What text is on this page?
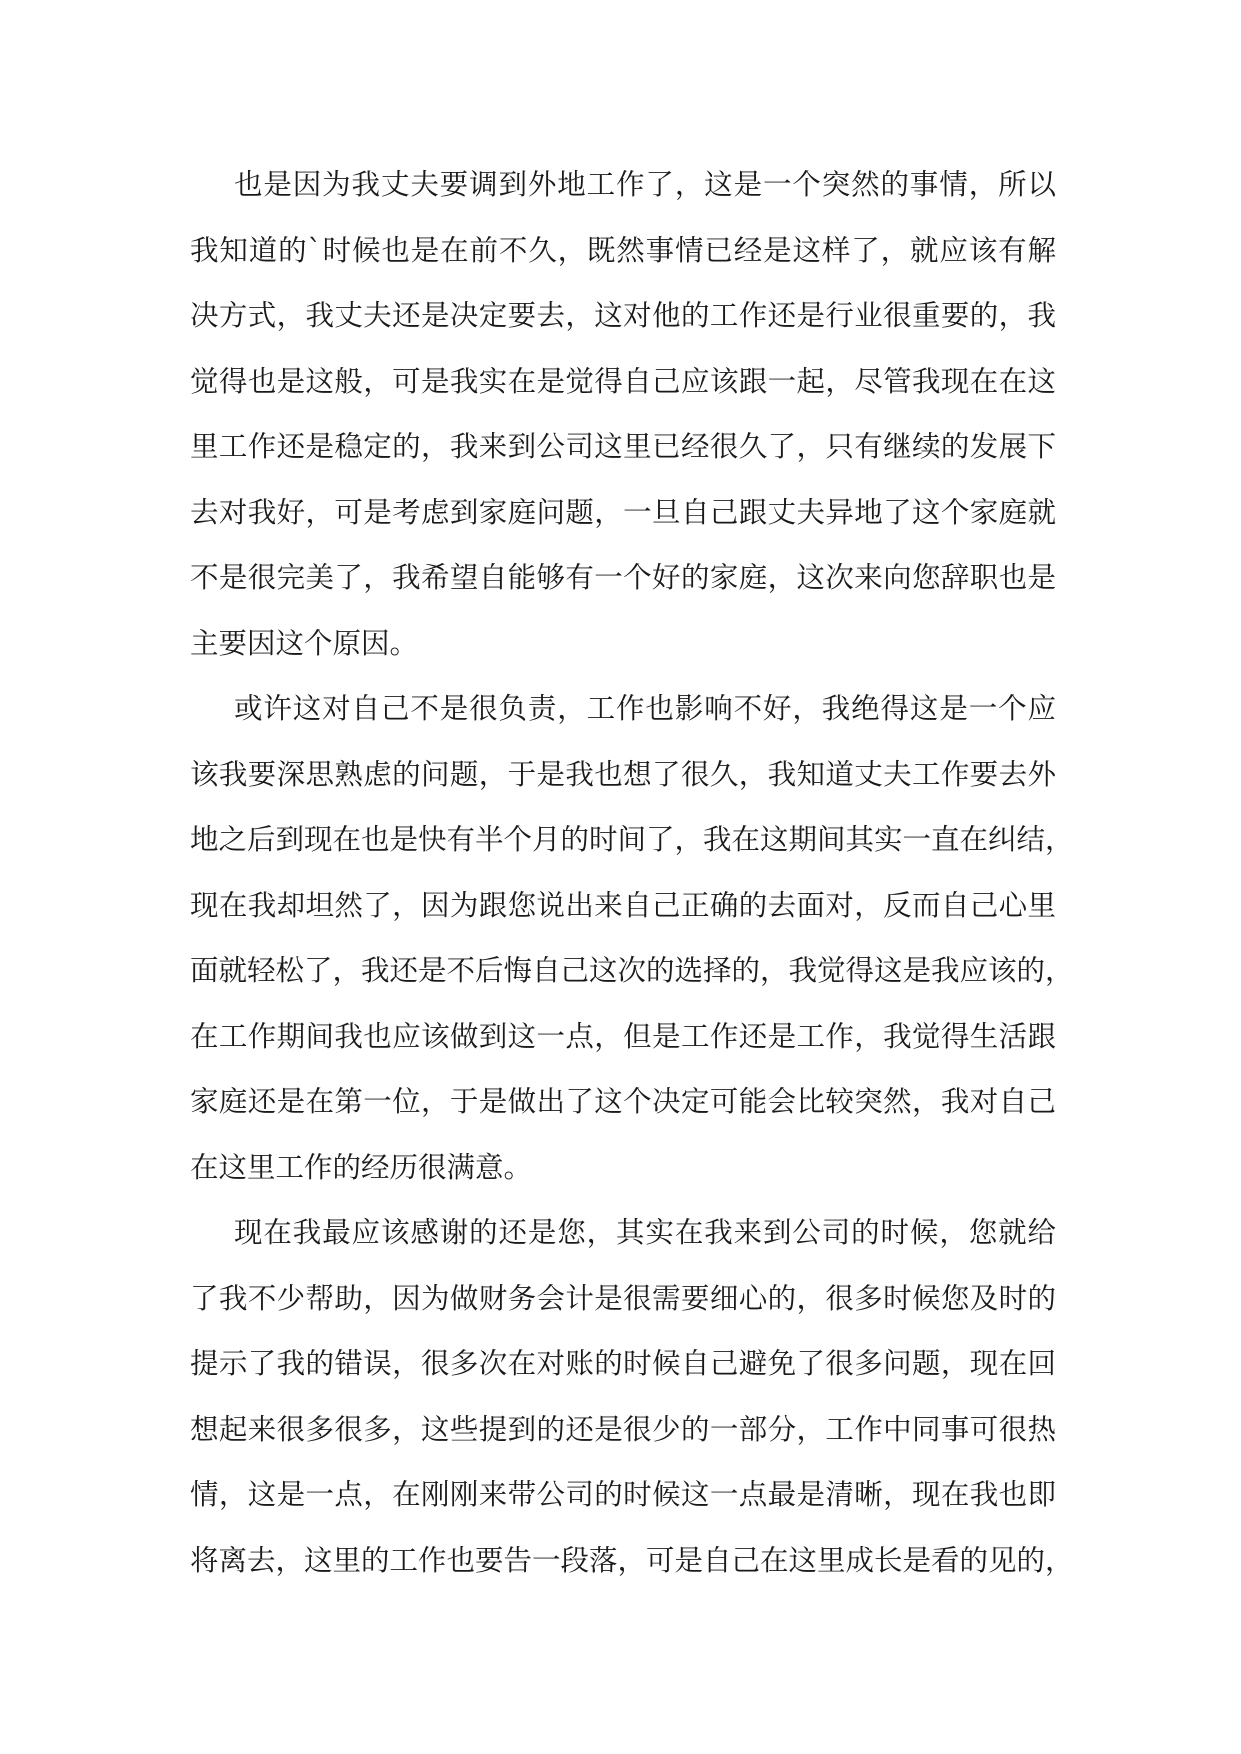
也是因为我丈夫要调到外地工作了，这是一个突然的事情，所以
我知道的`时候也是在前不久，既然事情已经是这样了，就应该有解
决方式，我丈夫还是决定要去，这对他的工作还是行业很重要的，我
觉得也是这般，可是我实在是觉得自己应该跟一起，尽管我现在在这
里工作还是稳定的，我来到公司这里已经很久了，只有继续的发展下
去对我好，可是考虑到家庭问题，一旦自己跟丈夫异地了这个家庭就
不是很完美了，我希望自能够有一个好的家庭，这次来向您辞职也是
主要因这个原因。
或许这对自己不是很负责，工作也影响不好，我绝得这是一个应
该我要深思熟虑的问题，于是我也想了很久，我知道丈夫工作要去外
地之后到现在也是快有半个月的时间了，我在这期间其实一直在纠结，
现在我却坦然了，因为跟您说出来自己正确的去面对，反而自己心里
面就轻松了，我还是不后悔自己这次的选择的，我觉得这是我应该的，
在工作期间我也应该做到这一点，但是工作还是工作，我觉得生活跟
家庭还是在第一位，于是做出了这个决定可能会比较突然，我对自己
在这里工作的经历很满意。
现在我最应该感谢的还是您，其实在我来到公司的时候，您就给
了我不少帮助，因为做财务会计是很需要细心的，很多时候您及时的
提示了我的错误，很多次在对账的时候自己避免了很多问题，现在回
想起来很多很多，这些提到的还是很少的一部分，工作中同事可很热
情，这是一点，在刚刚来带公司的时候这一点最是清晰，现在我也即
将离去，这里的工作也要告一段落，可是自己在这里成长是看的见的，
